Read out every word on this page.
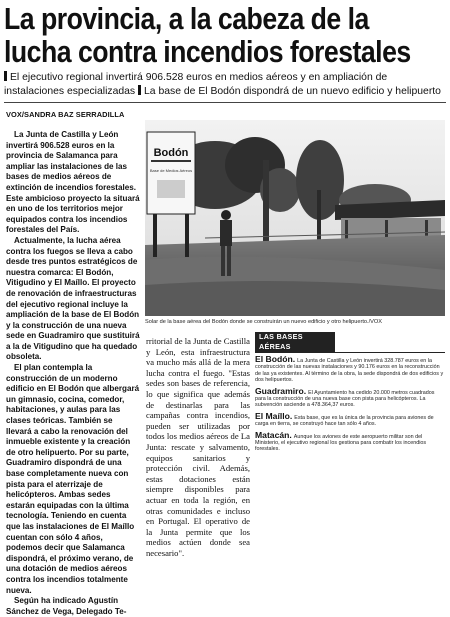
La provincia, a la cabeza de la
lucha contra incendios forestales
El ejecutivo regional invertirá 906.528 euros en medios aéreos y en ampliación de instalaciones especializadas La base de El Bodón dispondrá de un nuevo edificio y helipuerto
VOX/SANDRA BAZ SERRADILLA

La Junta de Castilla y León invertirá 906.528 euros en la provincia de Salamanca para ampliar las instalaciones de las bases de medios aéreos de extinción de incendios forestales. Este ambicioso proyecto la situará en uno de los territorios mejor equipados contra los incendios forestales del País.

Actualmente, la lucha aérea contra los fuegos se lleva a cabo desde tres puntos estratégicos de nuestra comarca: El Bodón, Vitigudino y El Maíllo. El proyecto de renovación de infraestructuras del ejecutivo regional incluye la ampliación de la base de El Bodón y la construcción de una nueva sede en Guadramiro que sustituirá a la de Vitigudino que ha quedado obsoleta.

El plan contempla la construcción de un moderno edificio en El Bodón que albergará un gimnasio, cocina, comedor, habitaciones, y aulas para las clases teóricas. También se llevará a cabo la renovación del inmueble existente y la creación de otro helipuerto. Por su parte, Guadramiro dispondrá de una base completamente nueva con pista para el aterrizaje de helicópteros. Ambas sedes estarán equipadas con la última tecnología. Teniendo en cuenta que las instalaciones de El Maíllo cuentan con sólo 4 años, podemos decir que Salamanca dispondrá, el próximo verano, de una dotación de medios aéreos contra los incendios totalmente nueva.

Según ha indicado Agustín Sánchez de Vega, Delegado Te-

Bodón
Base de Medios Aéreos
Solar de la base aérea del Bodón donde se construirán un nuevo edificio y otro helipuerto./VOX

rritorial de la Junta de Castilla y León, esta infraestructura va mucho más allá de la mera lucha contra el fuego. "Estas sedes son bases de referencia, lo que significa que además de destinarlas para las campañas contra incendios, pueden ser utilizadas por todos los medios aéreos de La Junta: rescate y salvamento, equipos sanitarios y protección civil. Además, estas dotaciones están siempre disponibles para actuar en toda la región, en otras comunidades e incluso en Portugal. El operativo de la Junta permite que los medios actúen donde sea necesario".

LAS BASES AÉREAS
El Bodón. La Junta de Castilla y León invertirá 328.787 euros en la construcción de las nuevas instalaciones y 90.176 euros en la reconstrucción de las ya existentes. Al término de la obra, la sede dispondrá de dos edificios y dos helipuertos.
Guadramiro. El Ayuntamiento ha cedido 20.000 metros cuadrados para la construcción de una nueva base con pista para helicópteros. La subvención asciende a 478.364,37 euros.
El Maíllo. Esta base, que es la única de la provincia para aviones de carga en tierra, se construyó hace tan sólo 4 años.
Matacán. Aunque los aviones de este aeropuerto militar son del Ministerio, el ejecutivo regional los gestiona para combatir los incendios forestales.
